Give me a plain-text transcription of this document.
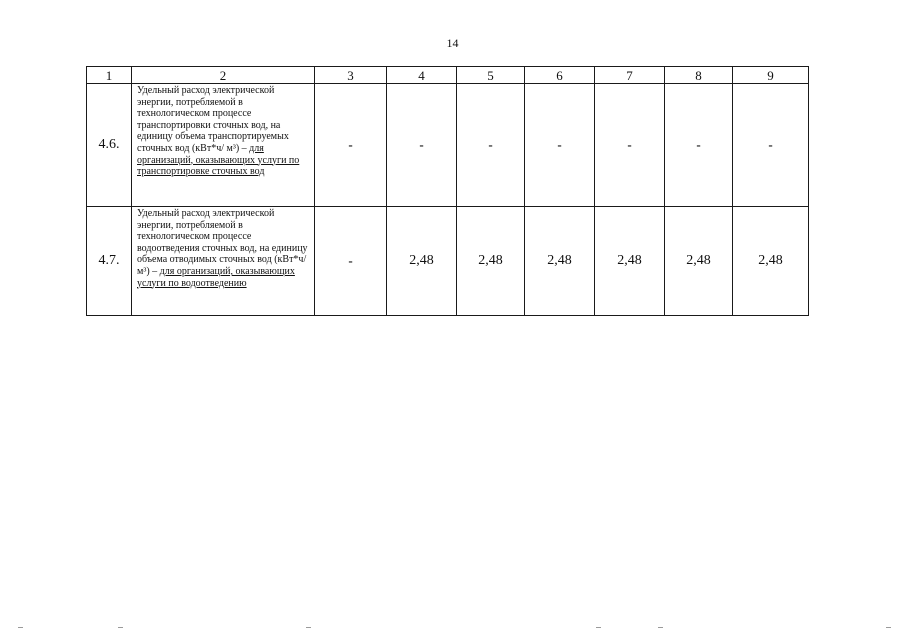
14
1	2	3	4	5	6	7	8	9
4.6.	Удельный расход электрической энергии, потребляемой в технологическом процессе транспортировки сточных вод, на единицу объема транспортируемых сточных вод (кВт*ч/ м³) – для организаций, оказывающих услуги по транспортировке сточных вод	-	-	-	-	-	-	-
4.7.	Удельный расход электрической энергии, потребляемой в технологическом процессе водоотведения сточных вод, на единицу объема отводимых сточных вод (кВт*ч/ м³) – для организаций, оказывающих услуги по водоотведению	-	2,48	2,48	2,48	2,48	2,48	2,48
